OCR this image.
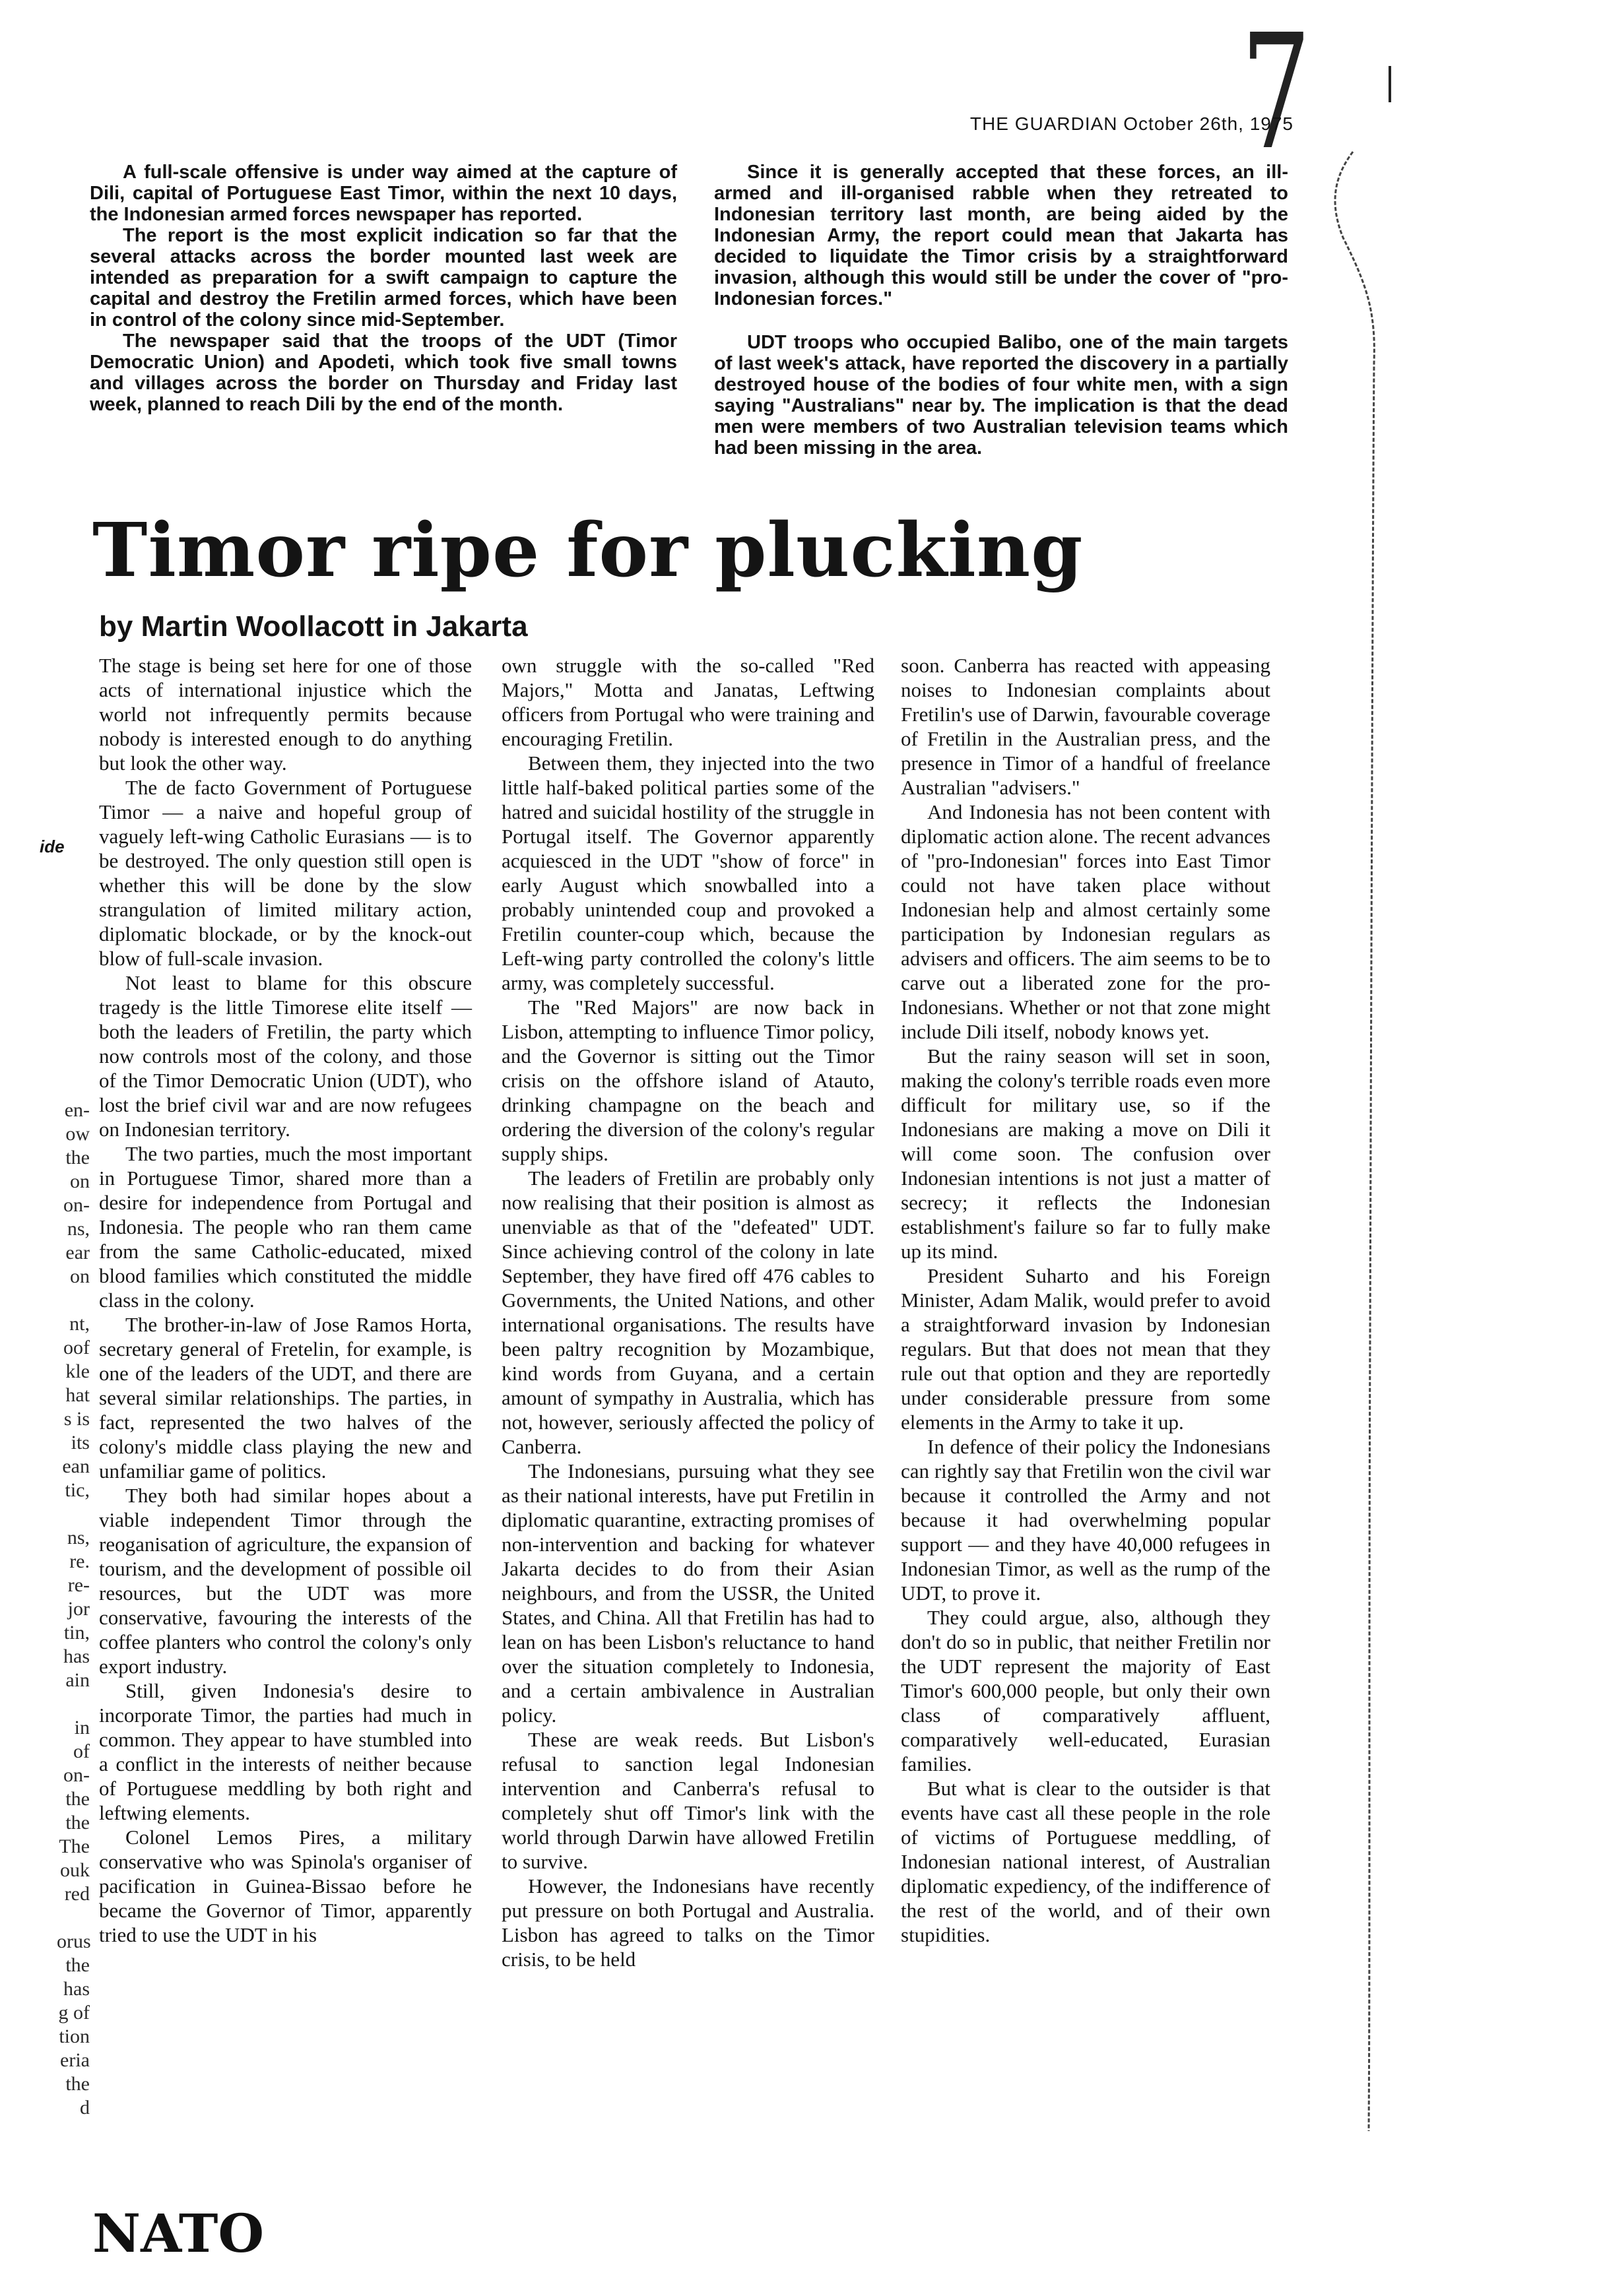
7
THE GUARDIAN October 26th, 1975

A full-scale offensive is under way aimed at the capture of Dili, capital of Portuguese East Timor, within the next 10 days, the Indonesian armed forces newspaper has reported.

The report is the most explicit indication so far that the several attacks across the border mounted last week are intended as preparation for a swift campaign to capture the capital and destroy the Fretilin armed forces, which have been in control of the colony since mid-September.

The newspaper said that the troops of the UDT (Timor Democratic Union) and Apodeti, which took five small towns and villages across the border on Thursday and Friday last week, planned to reach Dili by the end of the month.

Since it is generally accepted that these forces, an ill-armed and ill-organised rabble when they retreated to Indonesian territory last month, are being aided by the Indonesian Army, the report could mean that Jakarta has decided to liquidate the Timor crisis by a straightforward invasion, although this would still be under the cover of "pro-Indonesian forces."

UDT troops who occupied Balibo, one of the main targets of last week's attack, have reported the discovery in a partially destroyed house of the bodies of four white men, with a sign saying "Australians" near by. The implication is that the dead men were members of two Australian television teams which had been missing in the area.

Timor ripe for plucking
by Martin Woollacott in Jakarta

The stage is being set here for one of those acts of international injustice which the world not infrequently permits because nobody is interested enough to do anything but look the other way.

The de facto Government of Portuguese Timor — a naive and hopeful group of vaguely left-wing Catholic Eurasians — is to be destroyed. The only question still open is whether this will be done by the slow strangulation of limited military action, diplomatic blockade, or by the knock-out blow of full-scale invasion.

Not least to blame for this obscure tragedy is the little Timorese elite itself — both the leaders of Fretilin, the party which now controls most of the colony, and those of the Timor Democratic Union (UDT), who lost the brief civil war and are now refugees on Indonesian territory.

The two parties, much the most important in Portuguese Timor, shared more than a desire for independence from Portugal and Indonesia. The people who ran them came from the same Catholic-educated, mixed blood families which constituted the middle class in the colony.

The brother-in-law of Jose Ramos Horta, secretary general of Fretelin, for example, is one of the leaders of the UDT, and there are several similar relationships. The parties, in fact, represented the two halves of the colony's middle class playing the new and unfamiliar game of politics.

They both had similar hopes about a viable independent Timor through the reoganisation of agriculture, the expansion of tourism, and the development of possible oil resources, but the UDT was more conservative, favouring the interests of the coffee planters who control the colony's only export industry.

Still, given Indonesia's desire to incorporate Timor, the parties had much in common. They appear to have stumbled into a conflict in the interests of neither because of Portuguese meddling by both right and leftwing elements.

Colonel Lemos Pires, a military conservative who was Spinola's organiser of pacification in Guinea-Bissao before he became the Governor of Timor, apparently tried to use the UDT in his

own struggle with the so-called "Red Majors," Motta and Janatas, Leftwing officers from Portugal who were training and encouraging Fretilin.

Between them, they injected into the two little half-baked political parties some of the hatred and suicidal hostility of the struggle in Portugal itself. The Governor apparently acquiesced in the UDT "show of force" in early August which snowballed into a probably unintended coup and provoked a Fretilin counter-coup which, because the Left-wing party controlled the colony's little army, was completely successful.

The "Red Majors" are now back in Lisbon, attempting to influence Timor policy, and the Governor is sitting out the Timor crisis on the offshore island of Atauto, drinking champagne on the beach and ordering the diversion of the colony's regular supply ships.

The leaders of Fretilin are probably only now realising that their position is almost as unenviable as that of the "defeated" UDT. Since achieving control of the colony in late September, they have fired off 476 cables to Governments, the United Nations, and other international organisations. The results have been paltry recognition by Mozambique, kind words from Guyana, and a certain amount of sympathy in Australia, which has not, however, seriously affected the policy of Canberra.

The Indonesians, pursuing what they see as their national interests, have put Fretilin in diplomatic quarantine, extracting promises of non-intervention and backing for whatever Jakarta decides to do from their Asian neighbours, and from the USSR, the United States, and China. All that Fretilin has had to lean on has been Lisbon's reluctance to hand over the situation completely to Indonesia, and a certain ambivalence in Australian policy.

These are weak reeds. But Lisbon's refusal to sanction legal Indonesian intervention and Canberra's refusal to completely shut off Timor's link with the world through Darwin have allowed Fretilin to survive.

However, the Indonesians have recently put pressure on both Portugal and Australia. Lisbon has agreed to talks on the Timor crisis, to be held

soon. Canberra has reacted with appeasing noises to Indonesian complaints about Fretilin's use of Darwin, favourable coverage of Fretilin in the Australian press, and the presence in Timor of a handful of freelance Australian "advisers."

And Indonesia has not been content with diplomatic action alone. The recent advances of "pro-Indonesian" forces into East Timor could not have taken place without Indonesian help and almost certainly some participation by Indonesian regulars as advisers and officers. The aim seems to be to carve out a liberated zone for the pro-Indonesians. Whether or not that zone might include Dili itself, nobody knows yet.

But the rainy season will set in soon, making the colony's terrible roads even more difficult for military use, so if the Indonesians are making a move on Dili it will come soon. The confusion over Indonesian intentions is not just a matter of secrecy; it reflects the Indonesian establishment's failure so far to fully make up its mind.

President Suharto and his Foreign Minister, Adam Malik, would prefer to avoid a straightforward invasion by Indonesian regulars. But that does not mean that they rule out that option and they are reportedly under considerable pressure from some elements in the Army to take it up.

In defence of their policy the Indonesians can rightly say that Fretilin won the civil war because it controlled the Army and not because it had overwhelming popular support — and they have 40,000 refugees in Indonesian Timor, as well as the rump of the UDT, to prove it.

They could argue, also, although they don't do so in public, that neither Fretilin nor the UDT represent the majority of East Timor's 600,000 people, but only their own class of comparatively affluent, comparatively well-educated, Eurasian families.

But what is clear to the outsider is that events have cast all these people in the role of victims of Portuguese meddling, of Indonesian national interest, of Australian diplomatic expediency, of the indifference of the rest of the world, and of their own stupidities.

ide
en-
ow
the
on
on-
ns,
ear
on
nt,
oof
kle
hat
s is
its
ean
tic,
ns,
re.
re-
jor
tin,
has
ain
in
of
on-
the
the
The
ouk
red
orus
the
has
g of
tion
eria
the
d
NATO
